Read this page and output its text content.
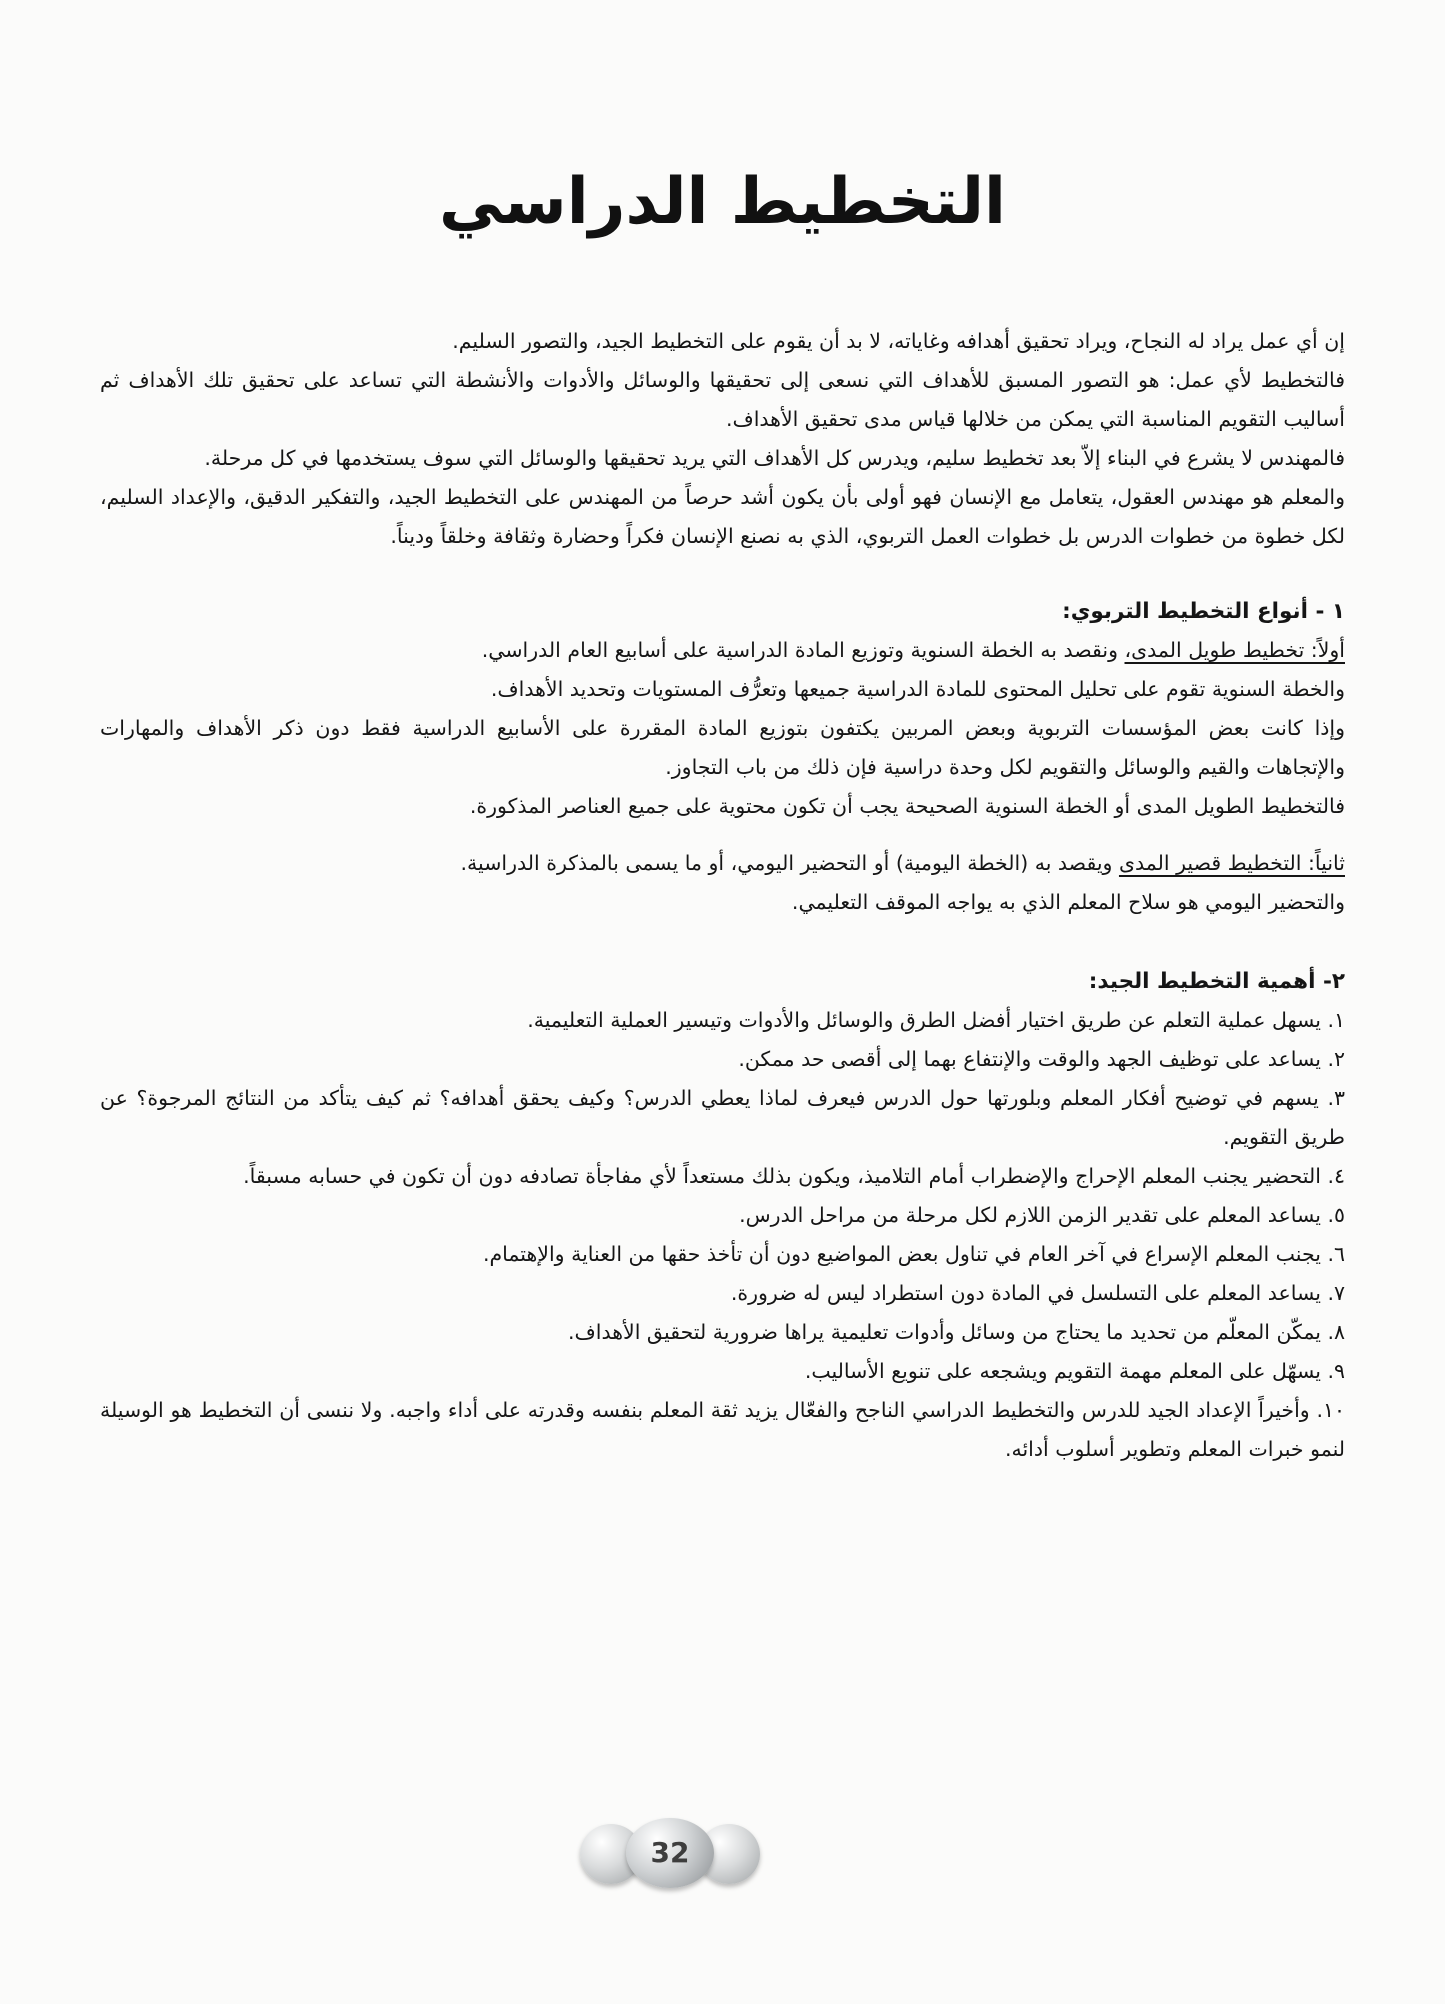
التخطيط الدراسي

إن أي عمل يراد له النجاح، ويراد تحقيق أهدافه وغاياته، لا بد أن يقوم على التخطيط الجيد، والتصور السليم.

فالتخطيط لأي عمل: هو التصور المسبق للأهداف التي نسعى إلى تحقيقها والوسائل والأدوات والأنشطة التي تساعد على تحقيق تلك الأهداف ثم أساليب التقويم المناسبة التي يمكن من خلالها قياس مدى تحقيق الأهداف.

فالمهندس لا يشرع في البناء إلاّ بعد تخطيط سليم، ويدرس كل الأهداف التي يريد تحقيقها والوسائل التي سوف يستخدمها في كل مرحلة.

والمعلم هو مهندس العقول، يتعامل مع الإنسان فهو أولى بأن يكون أشد حرصاً من المهندس على التخطيط الجيد، والتفكير الدقيق، والإعداد السليم، لكل خطوة من خطوات الدرس بل خطوات العمل التربوي، الذي به نصنع الإنسان فكراً وحضارة وثقافة وخلقاً وديناً.

١ - أنواع التخطيط التربوي:

أولاً: تخطيط طويل المدى، ونقصد به الخطة السنوية وتوزيع المادة الدراسية على أسابيع العام الدراسي.

والخطة السنوية تقوم على تحليل المحتوى للمادة الدراسية جميعها وتعرُّف المستويات وتحديد الأهداف.

وإذا كانت بعض المؤسسات التربوية وبعض المربين يكتفون بتوزيع المادة المقررة على الأسابيع الدراسية فقط دون ذكر الأهداف والمهارات والإتجاهات والقيم والوسائل والتقويم لكل وحدة دراسية فإن ذلك من باب التجاوز.

فالتخطيط الطويل المدى أو الخطة السنوية الصحيحة يجب أن تكون محتوية على جميع العناصر المذكورة.

ثانياً: التخطيط قصير المدى ويقصد به (الخطة اليومية) أو التحضير اليومي، أو ما يسمى بالمذكرة الدراسية.

والتحضير اليومي هو سلاح المعلم الذي به يواجه الموقف التعليمي.

٢- أهمية التخطيط الجيد:

١. يسهل عملية التعلم عن طريق اختيار أفضل الطرق والوسائل والأدوات وتيسير العملية التعليمية.
٢. يساعد على توظيف الجهد والوقت والإنتفاع بهما إلى أقصى حد ممكن.
٣. يسهم في توضيح أفكار المعلم وبلورتها حول الدرس فيعرف لماذا يعطي الدرس؟ وكيف يحقق أهدافه؟ ثم كيف يتأكد من النتائج المرجوة؟ عن طريق التقويم.
٤. التحضير يجنب المعلم الإحراج والإضطراب أمام التلاميذ، ويكون بذلك مستعداً لأي مفاجأة تصادفه دون أن تكون في حسابه مسبقاً.
٥. يساعد المعلم على تقدير الزمن اللازم لكل مرحلة من مراحل الدرس.
٦. يجنب المعلم الإسراع في آخر العام في تناول بعض المواضيع دون أن تأخذ حقها من العناية والإهتمام.
٧. يساعد المعلم على التسلسل في المادة دون استطراد ليس له ضرورة.
٨. يمكّن المعلّم من تحديد ما يحتاج من وسائل وأدوات تعليمية يراها ضرورية لتحقيق الأهداف.
٩. يسهّل على المعلم مهمة التقويم ويشجعه على تنويع الأساليب.
١٠. وأخيراً الإعداد الجيد للدرس والتخطيط الدراسي الناجح والفعّال يزيد ثقة المعلم بنفسه وقدرته على أداء واجبه. ولا ننسى أن التخطيط هو الوسيلة لنمو خبرات المعلم وتطوير أسلوب أدائه.
32
